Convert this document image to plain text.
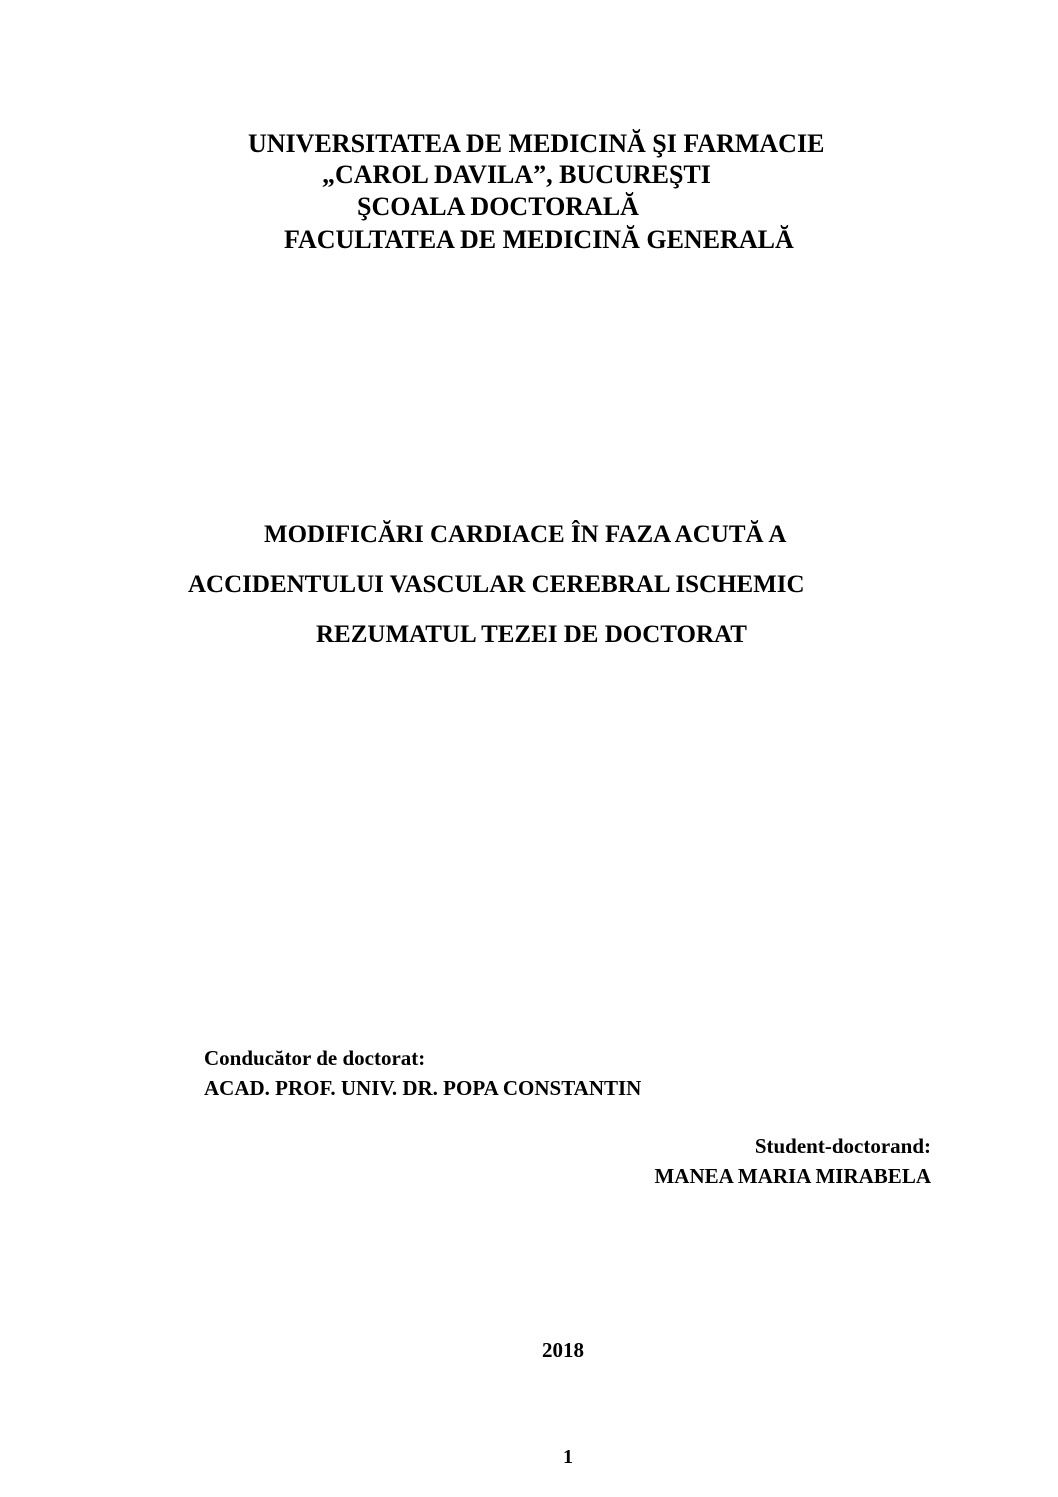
UNIVERSITATEA DE MEDICINĂ ŞI FARMACIE
„CAROL DAVILA”, BUCUREŞTI
ŞCOALA DOCTORALĂ
FACULTATEA DE MEDICINĂ GENERALĂ
MODIFICĂRI CARDIACE ÎN FAZA ACUTĂ A
ACCIDENTULUI VASCULAR CEREBRAL ISCHEMIC
REZUMATUL TEZEI DE DOCTORAT
Conducător de doctorat:
ACAD. PROF. UNIV. DR. POPA CONSTANTIN
Student-doctorand:
MANEA MARIA MIRABELA
2018
1
